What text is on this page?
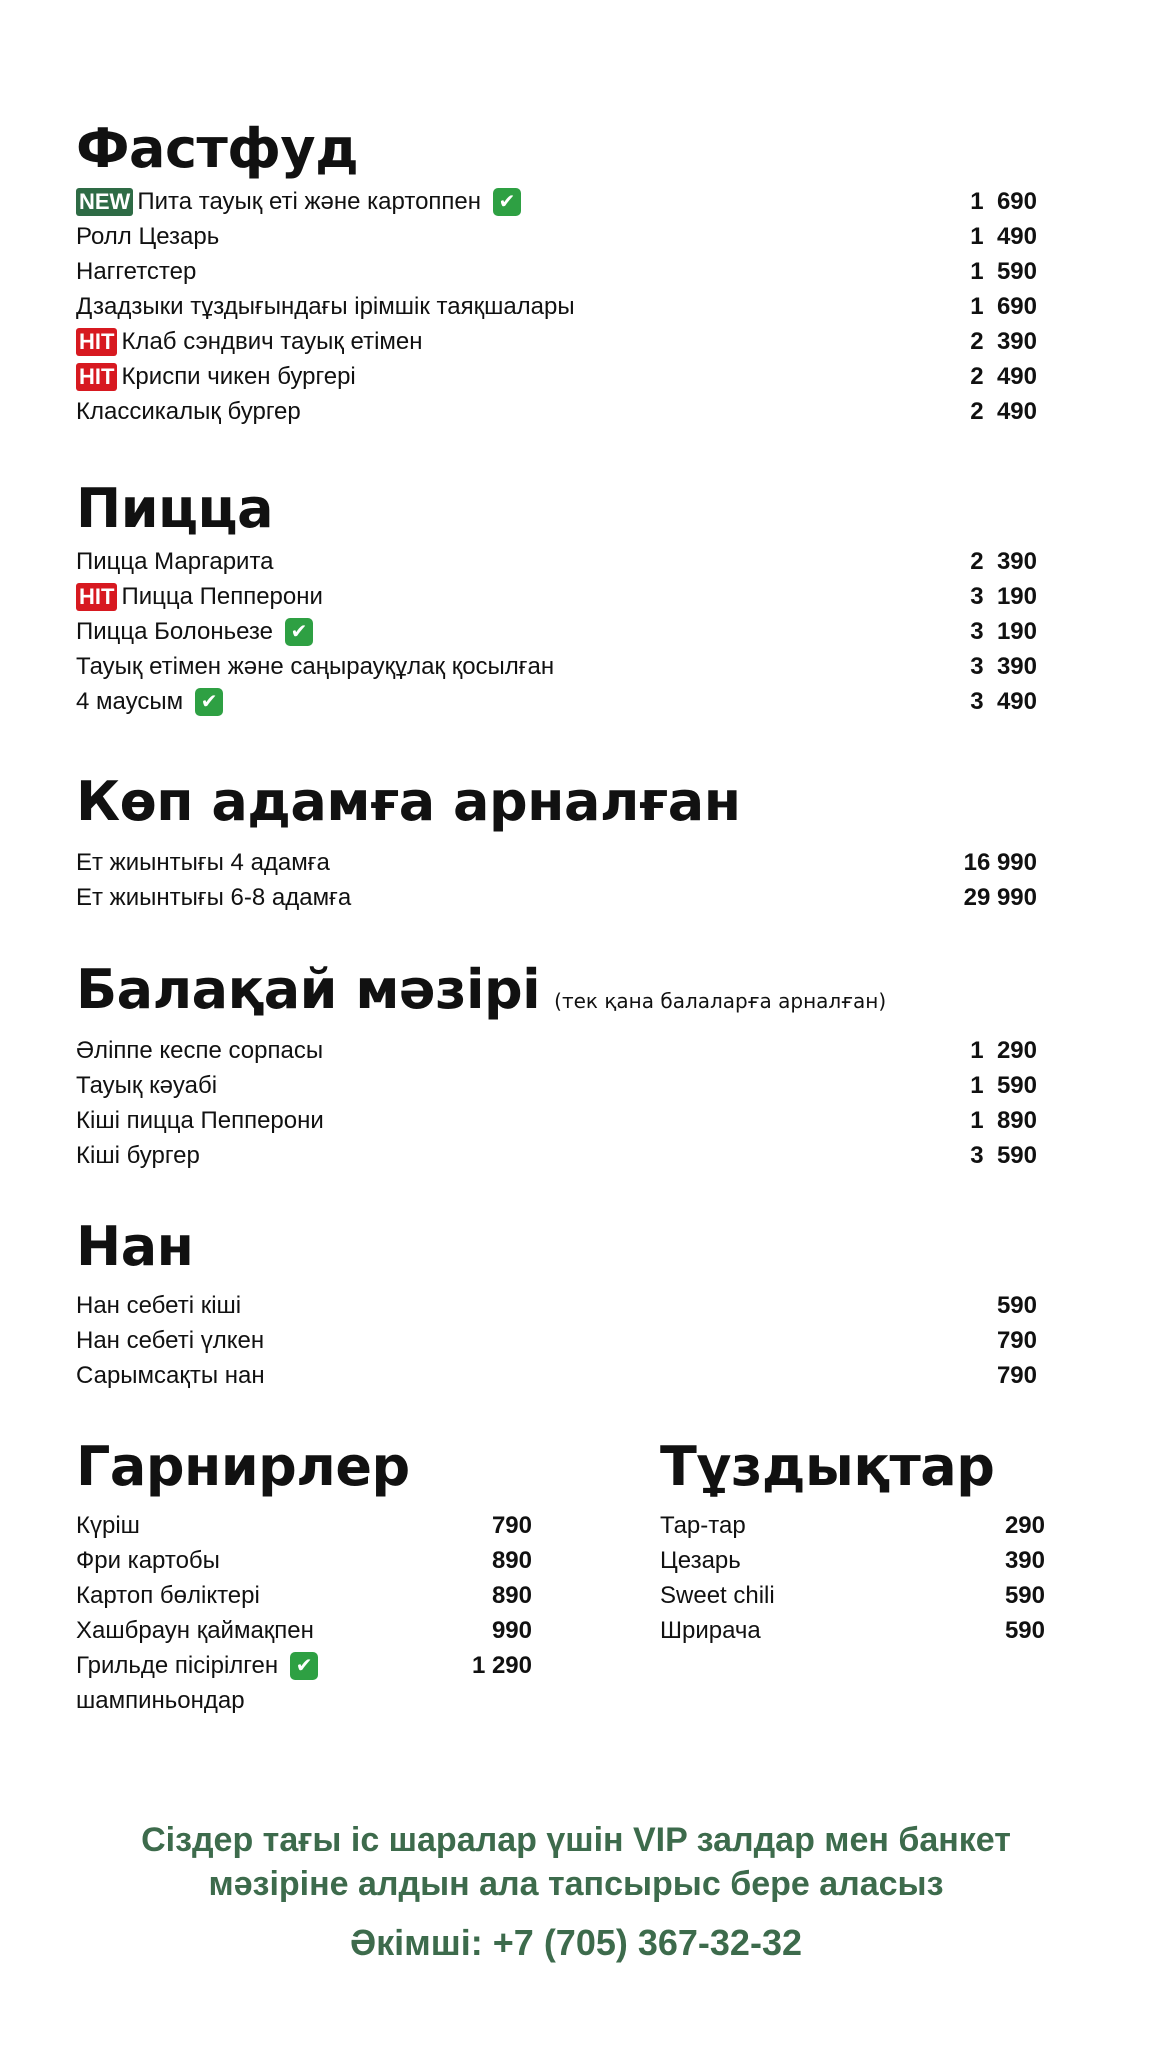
Фастфуд
NEW Пита тауық еті және картоппен ✔	1  690
Ролл Цезарь	1  490
Наггетстер	1  590
Дзадзыки тұздығындағы ірімшік таяқшалары	1  690
HIT Клаб сэндвич тауық етімен	2  390
HIT Криспи чикен бургері	2  490
Классикалық бургер	2  490
Пицца
Пицца Маргарита	2  390
HIT Пицца Пепперони	3  190
Пицца Болоньезе ✔	3  190
Тауық етімен және саңырауқұлақ қосылған	3  390
4 маусым ✔	3  490
Көп адамға арналған
Ет жиынтығы 4 адамға	16 990
Ет жиынтығы 6-8 адамға	29 990
Балақай мәзірі (тек қана балаларға арналған)
Әліппе кеспе сорпасы	1  290
Тауық кәуабі	1  590
Кіші пицца Пепперони	1  890
Кіші бургер	3  590
Нан
Нан себеті кіші	590
Нан себеті үлкен	790
Сарымсақты нан	790
Гарнирлер
Күріш	790
Фри картобы	890
Картоп бөліктері	890
Хашбраун қаймақпен	990
Грильде пісірілген ✔	1 290
шампиньондар
Тұздықтар
Тар-тар	290
Цезарь	390
Sweet chili	590
Шрирача	590
Сіздер тағы іс шаралар үшін VIP залдар мен банкет
мәзіріне алдын ала тапсырыс бере аласыз
Әкімші: +7 (705) 367-32-32
